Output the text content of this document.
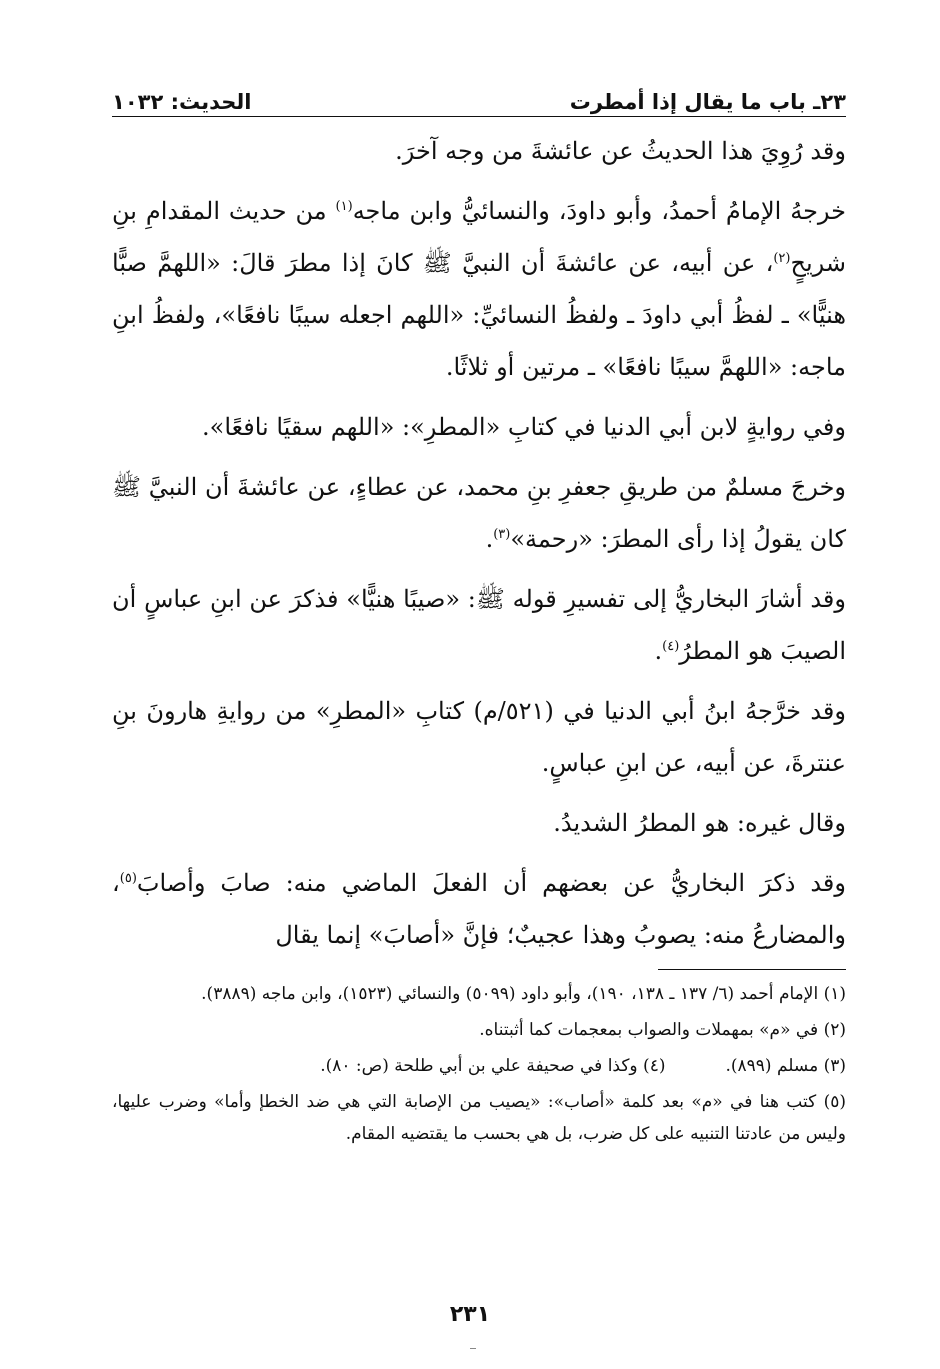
٢٣ـ باب ما يقال إذا أمطرت
الحديث: ١٠٣٢

وقد رُوِيَ هذا الحديثُ عن عائشةَ من وجه آخرَ.

خرجهُ الإمامُ أحمدُ، وأبو داودَ، والنسائيُّ وابن ماجه$^{(١)}$ من حديث المقدامِ بنِ شريحٍ$^{(٢)}$، عن أبيه، عن عائشةَ أن النبيَّ ﷺ كانَ إذا مطرَ قالَ: «اللهمَّ صبًّا هنيًّا» ـ لفظُ أبي داودَ ـ ولفظُ النسائيِّ: «اللهم اجعله سيبًا نافعًا»، ولفظُ ابنِ ماجه: «اللهمَّ سيبًا نافعًا» ـ مرتين أو ثلاثًا.

وفي روايةٍ لابن أبي الدنيا في كتابِ «المطرِ»: «اللهم سقيًا نافعًا».

وخرجَ مسلمٌ من طريقِ جعفرِ بنِ محمد، عن عطاءٍ، عن عائشةَ أن النبيَّ ﷺ كان يقولُ إذا رأى المطرَ: «رحمة»$^{(٣)}$.

وقد أشارَ البخاريُّ إلى تفسيرِ قوله ﷺ: «صيبًا هنيًّا» فذكرَ عن ابنِ عباسٍ أن الصيبَ هو المطرُ$^{(٤)}$.

وقد خرَّجهُ ابنُ أبي الدنيا في (٥٢١/م) كتابِ «المطرِ» من روايةِ هارونَ بنِ عنترةَ، عن أبيه، عن ابنِ عباسٍ.

وقال غيره: هو المطرُ الشديدُ.

وقد ذكرَ البخاريُّ عن بعضهم أن الفعلَ الماضي منه: صابَ وأصابَ$^{(٥)}$، والمضارعُ منه: يصوبُ وهذا عجيبٌ؛ فإنَّ «أصابَ» إنما يقال

(١) الإمام أحمد (٦/ ١٣٧ ـ ١٣٨، ١٩٠)، وأبو داود (٥٠٩٩) والنسائي (١٥٢٣)، وابن ماجه (٣٨٨٩).

(٢) في «م» بمهملات والصواب بمعجمات كما أثبتناه.

(٣) مسلم (٨٩٩).
(٤) وكذا في صحيفة علي بن أبي طلحة (ص: ٨٠).

(٥) كتب هنا في «م» بعد كلمة «أصاب»: «يصيب من الإصابة التي هي ضد الخطإ وأما» وضرب عليها، وليس من عادتنا التنبيه على كل ضرب، بل هي بحسب ما يقتضيه المقام.

٢٣١
